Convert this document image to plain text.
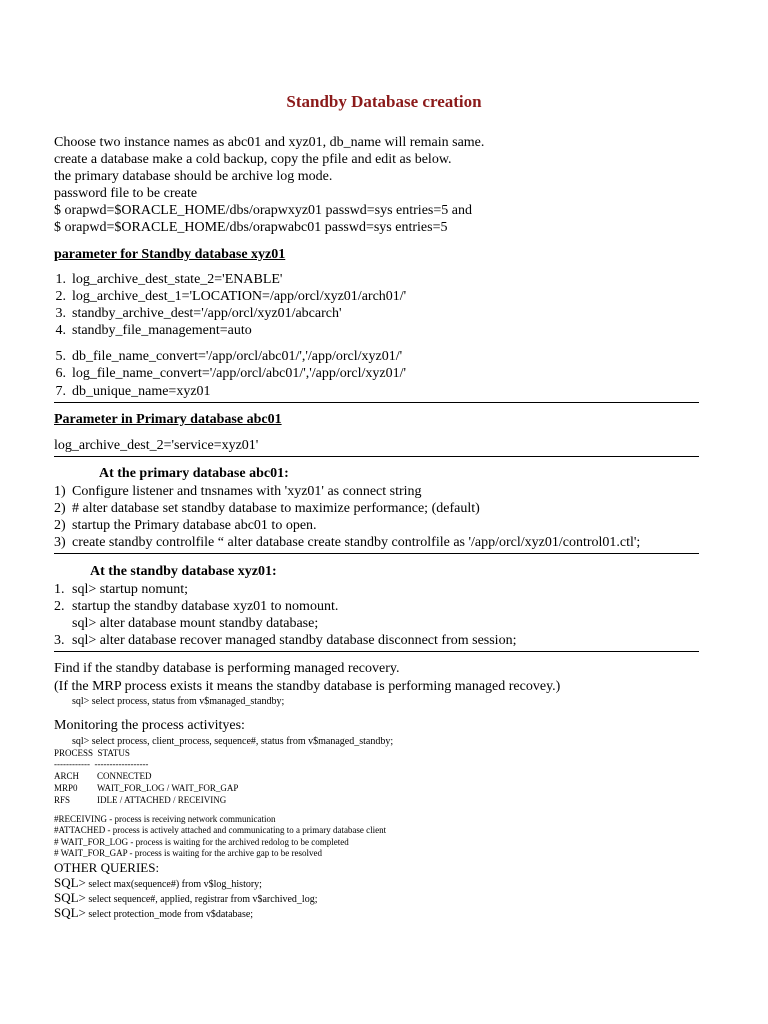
Standby Database creation
Choose two instance names as abc01 and xyz01, db_name will remain same.
create a database make a cold backup, copy the pfile and edit as below.
the primary database should be archive log mode.
password file to be create
$ orapwd=$ORACLE_HOME/dbs/orapwxyz01 passwd=sys entries=5 and
$ orapwd=$ORACLE_HOME/dbs/orapwabc01 passwd=sys entries=5
parameter for Standby database xyz01
1. log_archive_dest_state_2='ENABLE'
2. log_archive_dest_1='LOCATION=/app/orcl/xyz01/arch01/'
3. standby_archive_dest='/app/orcl/xyz01/abcarch'
4. standby_file_management=auto
5. db_file_name_convert='/app/orcl/abc01/','/app/orcl/xyz01/'
6. log_file_name_convert='/app/orcl/abc01/','/app/orcl/xyz01/'
7. db_unique_name=xyz01
Parameter in Primary database abc01
log_archive_dest_2='service=xyz01'
At the primary database abc01:
1) Configure listener and tnsnames with 'xyz01' as connect string
2) # alter database set standby database to maximize performance; (default)
2) startup the Primary database abc01 to open.
3) create standby controlfile “ alter database create standby controlfile as '/app/orcl/xyz01/control01.ctl';
At the standby database xyz01:
1. sql> startup nomunt;
2. startup the standby database xyz01 to nomount.
sql> alter database mount standby database;
3. sql> alter database recover managed standby database disconnect from session;
Find if the standby database is performing managed recovery.
(If the MRP process exists it means the standby database is performing managed recovey.)
sql> select process, status from v$managed_standby;
Monitoring the process activityes:
sql> select process, client_process, sequence#, status from v$managed_standby;
PROCESS STATUS
------------ ------------------
ARCH CONNECTED
MRP0 WAIT_FOR_LOG / WAIT_FOR_GAP
RFS	IDLE / ATTACHED / RECEIVING
#RECEIVING - process is receiving network communication
#ATTACHED - process is actively attached and communicating to a primary database client
# WAIT_FOR_LOG - process is waiting for the archived redolog to be completed
# WAIT_FOR_GAP - process is waiting for the archive gap to be resolved
OTHER QUERIES:
SQL> select max(sequence#) from v$log_history;
SQL> select sequence#, applied, registrar from v$archived_log;
SQL> select protection_mode from v$database;
